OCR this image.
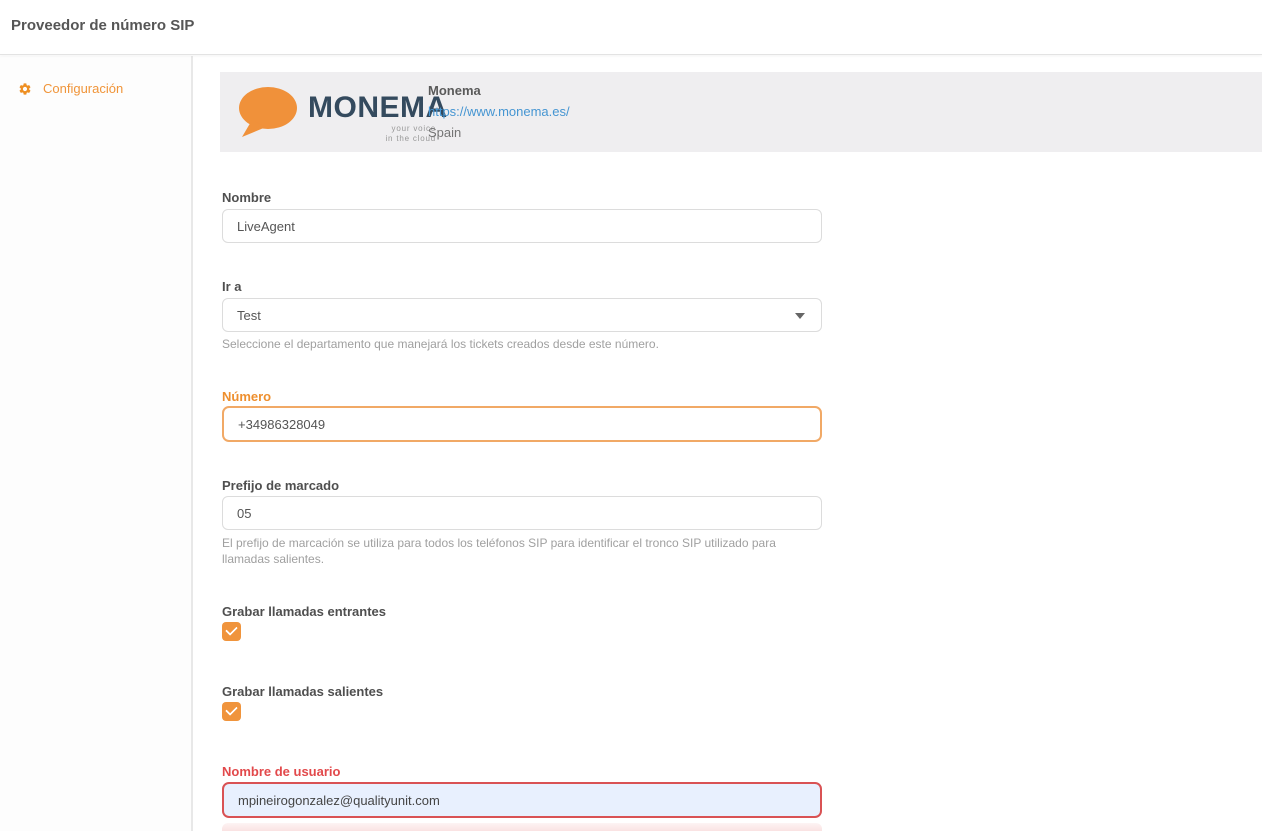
Proveedor de número SIP
Configuración
MONEMA
your voice
in the cloud
Monema
https://www.monema.es/
Spain
Nombre
LiveAgent
Ir a
Test
Seleccione el departamento que manejará los tickets creados desde este número.
Número
+34986328049
Prefijo de marcado
05
El prefijo de marcación se utiliza para todos los teléfonos SIP para identificar el tronco SIP utilizado para llamadas salientes.
Grabar llamadas entrantes
Grabar llamadas salientes
Nombre de usuario
mpineirogonzalez@qualityunit.com
